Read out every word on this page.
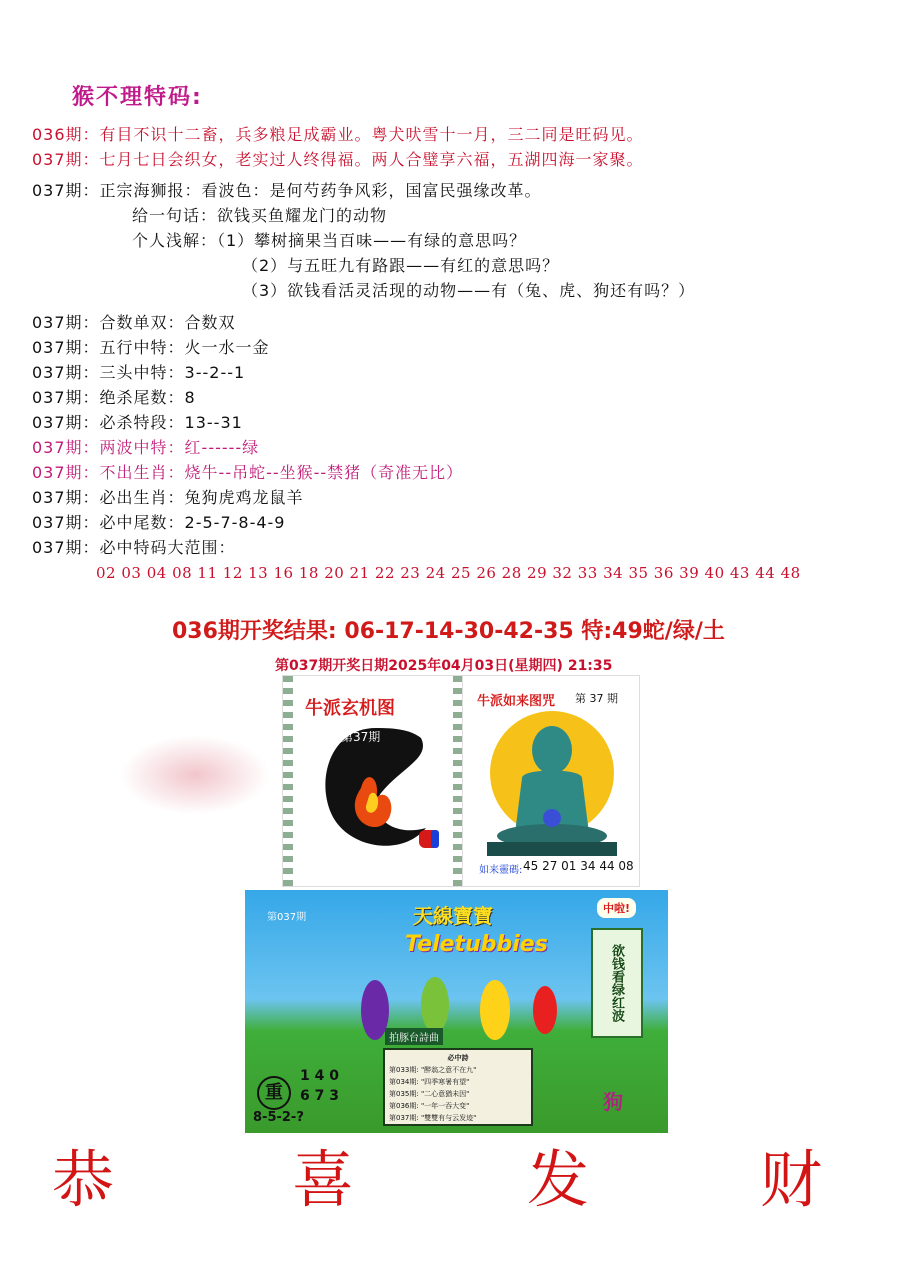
猴不理特码:
036期：有目不识十二畜，兵多粮足成霸业。粤犬吠雪十一月，三二同是旺码见。
037期：七月七日会织女，老实过人终得福。两人合璧享六福，五湖四海一家聚。
037期：正宗海狮报：看波色：是何芍药争风彩，国富民强缘改革。
给一句话：欲钱买鱼耀龙门的动物
个人浅解：（1）攀树摘果当百味——有绿的意思吗？
（2）与五旺九有路跟——有红的意思吗？
（3）欲钱看活灵活现的动物——有（兔、虎、狗还有吗？）
037期：合数单双：合数双
037期：五行中特：火一水一金
037期：三头中特：3--2--1
037期：绝杀尾数：8
037期：必杀特段：13--31
037期：两波中特：红------绿
037期：不出生肖：烧牛--吊蛇--坐猴--禁猪（奇准无比）
037期：必出生肖：兔狗虎鸡龙鼠羊
037期：必中尾数：2-5-7-8-4-9
037期：必中特码大范围：
02 03 04 08 11 12 13 16 18 20 21 22 23 24 25 26 28 29 32 33 34 35 36 39 40 43 44 48
036期开奖结果: 06-17-14-30-42-35 特:49蛇/绿/土
第037期开奖日期2025年04月03日(星期四) 21:35
牛派玄机图
第37期
牛派如来图咒 第 37 期
如来靈碼: 45 27 01 34 44 08
第037期	天線寶寶
Teletubbies
中啦!
欲钱看绿红波
拍豚台詩曲
必中詩
第033期: "醉翁之意不在九"
第034期: "四季寒暑有望"
第035期: "二心意猶未因"
第036期: "一年一吞大变"
第037期: "雙雙有与云发迹"
重
1 4 0
6 7 3
8-5-2-?
狗
恭	喜	发	财
